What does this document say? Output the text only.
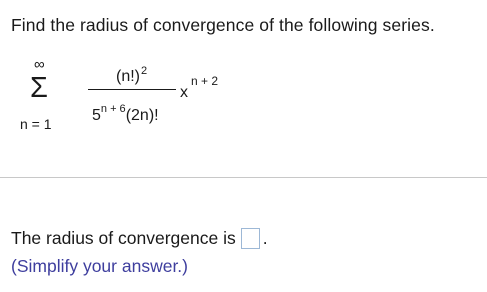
Find the radius of convergence of the following series.
∞
Σ
n = 1
$(n!)^2$
$5^{n + 6}(2n)$!
x
n + 2
The radius of convergence is .
(Simplify your answer.)
